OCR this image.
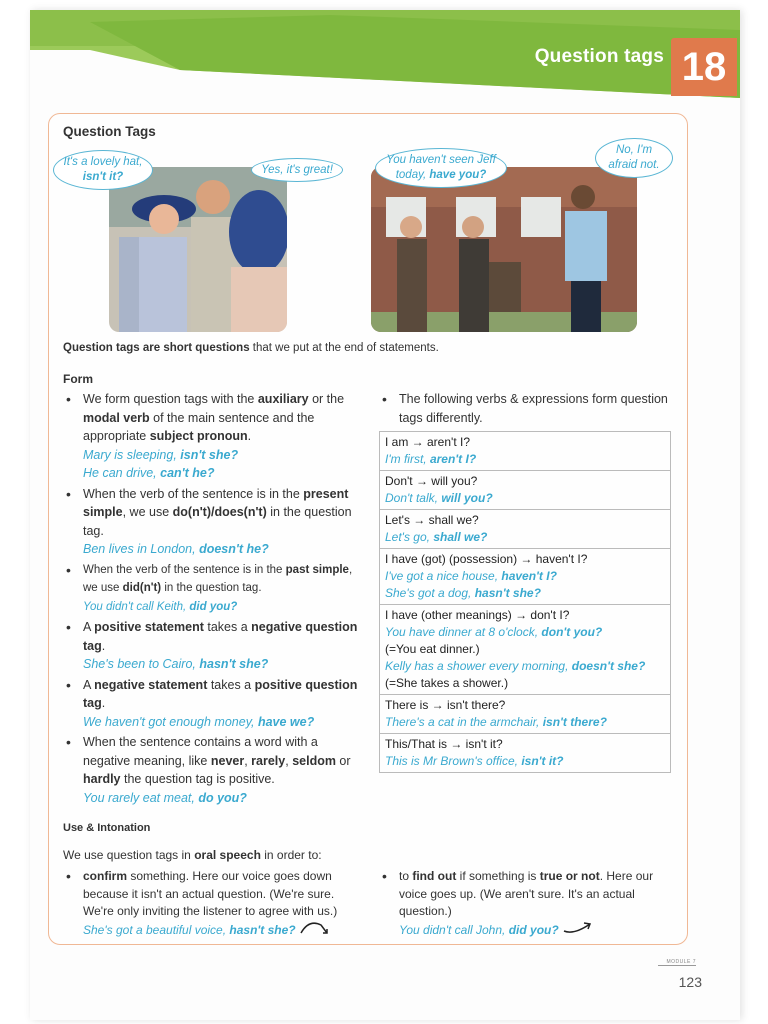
Question tags 18
Question Tags
It's a lovely hat, isn't it?
Yes, it's great!
You haven't seen Jeff today, have you?
No, I'm afraid not.
Question tags are short questions that we put at the end of statements.
Form
• We form question tags with the auxiliary or the modal verb of the main sentence and the appropriate subject pronoun.
Mary is sleeping, isn't she?
He can drive, can't he?
• When the verb of the sentence is in the present simple, we use do(n't)/does(n't) in the question tag.
Ben lives in London, doesn't he?
• When the verb of the sentence is in the past simple, we use did(n't) in the question tag.
You didn't call Keith, did you?
• A positive statement takes a negative question tag.
She's been to Cairo, hasn't she?
• A negative statement takes a positive question tag.
We haven't got enough money, have we?
• When the sentence contains a word with a negative meaning, like never, rarely, seldom or hardly the question tag is positive.
You rarely eat meat, do you?
• The following verbs & expressions form question tags differently.
I am → aren't I?
I'm first, aren't I?
Don't → will you?
Don't talk, will you?
Let's → shall we?
Let's go, shall we?
I have (got) (possession) → haven't I?
I've got a nice house, haven't I?
She's got a dog, hasn't she?
I have (other meanings) → don't I?
You have dinner at 8 o'clock, don't you?
(=You eat dinner.)
Kelly has a shower every morning, doesn't she?
(=She takes a shower.)
There is → isn't there?
There's a cat in the armchair, isn't there?
This/That is → isn't it?
This is Mr Brown's office, isn't it?
Use & Intonation
We use question tags in oral speech in order to:
• confirm something. Here our voice goes down because it isn't an actual question. (We're sure. We're only inviting the listener to agree with us.)
She's got a beautiful voice, hasn't she?
• to find out if something is true or not. Here our voice goes up. (We aren't sure. It's an actual question.)
You didn't call John, did you?
MODULE 7
123
